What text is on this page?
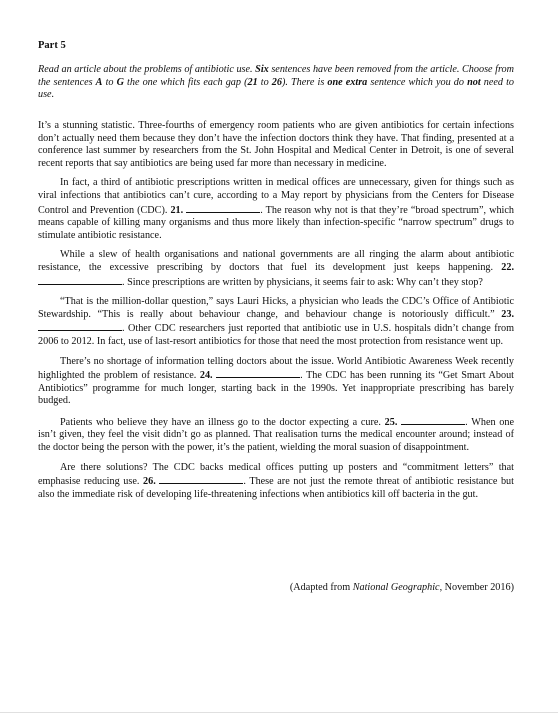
Part 5
Read an article about the problems of antibiotic use. Six sentences have been removed from the article. Choose from the sentences A to G the one which fits each gap (21 to 26). There is one extra sentence which you do not need to use.

It’s a stunning statistic. Three-fourths of emergency room patients who are given antibiotics for certain infections don’t actually need them because they don’t have the infection doctors think they have. That finding, presented at a conference last summer by researchers from the St. John Hospital and Medical Center in Detroit, is one of several recent reports that say antibiotics are being used far more than necessary in medicine.

In fact, a third of antibiotic prescriptions written in medical offices are unnecessary, given for things such as viral infections that antibiotics can’t cure, according to a May report by physicians from the Centers for Disease Control and Prevention (CDC). 21.	. The reason why not is that they’re “broad spectrum”, which means capable of killing many organisms and thus more likely than infection-specific “narrow spectrum” drugs to stimulate antibiotic resistance.

While a slew of health organisations and national governments are all ringing the alarm about antibiotic resistance, the excessive prescribing by doctors that fuel its development just keeps happening. 22. . Since prescriptions are written by physicians, it seems fair to ask: Why can’t they stop?

“That is the million-dollar question,” says Lauri Hicks, a physician who leads the CDC’s Office of Antibiotic Stewardship. “This is really about behaviour change, and behaviour change is notoriously difficult.” 23. . Other CDC researchers just reported that antibiotic use in U.S. hospitals didn’t change from 2006 to 2012. In fact, use of last-resort antibiotics for those that need the most protection from resistance went up.

There’s no shortage of information telling doctors about the issue. World Antibiotic Awareness Week recently highlighted the problem of resistance. 24.	. The CDC has been running its “Get Smart About Antibiotics” programme for much longer, starting back in the 1990s. Yet inappropriate prescribing has barely budged.

Patients who believe they have an illness go to the doctor expecting a cure. 25.	. When one isn’t given, they feel the visit didn’t go as planned. That realisation turns the medical encounter around; instead of the doctor being the person with the power, it’s the patient, wielding the moral suasion of disappointment.

Are there solutions? The CDC backs medical offices putting up posters and “commitment letters” that emphasise reducing use. 26.	. These are not just the remote threat of antibiotic resistance but also the immediate risk of developing life-threatening infections when antibiotics kill off bacteria in the gut.

(Adapted from National Geographic, November 2016)
